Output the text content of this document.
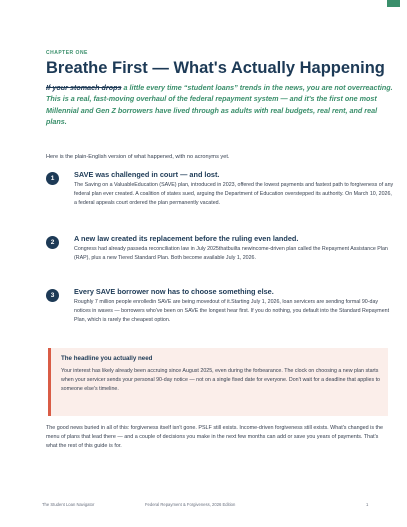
CHAPTER ONE
Breathe First — What's Actually Happening

If your stomach drops a little every time “student loans” trends in the news, you are not overreacting. This is a real, fast-moving overhaul of the federal repayment system — and it's the first one most Millennial and Gen Z borrowers have lived through as adults with real budgets, real rent, and real plans.

Here is the plain-English version of what happened, with no acronyms yet.

1	SAVE was challenged in court — and lost.
The Saving on a ValuableEducation (SAVE) plan, introduced in 2023, offered the lowest payments and fastest path to forgiveness of any federal plan ever created. A coalition of states sued, arguing the Department of Education overstepped its authority. On March 10, 2026, a federal appeals court ordered the plan permanently vacated.
2	A new law created its replacement before the ruling even landed.
Congress had already passeda reconciliation law in July 2025thatbuilta newincome-driven plan called the Repayment Assistance Plan (RAP), plus a new Tiered Standard Plan. Both become available July 1, 2026.
3	Every SAVE borrower now has to choose something else.
Roughly 7 million people enrolledin SAVE are being movedout of it.Starting July 1, 2026, loan servicers are sending formal 90-day notices in waves — borrowers who've been on SAVE the longest hear first. If you do nothing, you default into the Standard Repayment Plan, which is rarely the cheapest option.
The headline you actually need
Your interest has likely already been accruing since August 2025, even during the forbearance. The clock on choosing a new plan starts when your servicer sends your personal 90-day notice — not on a single fixed date for everyone. Don't wait for a deadline that applies to someone else's timeline.

The good news buried in all of this: forgiveness itself isn't gone. PSLF still exists. Income-driven forgiveness still exists. What's changed is the menu of plans that lead there — and a couple of decisions you make in the next few months can add or save you years of payments. That's what the rest of this guide is for.

The Student Loan Navigator	Federal Repayment & Forgiveness, 2026 Edition	1
